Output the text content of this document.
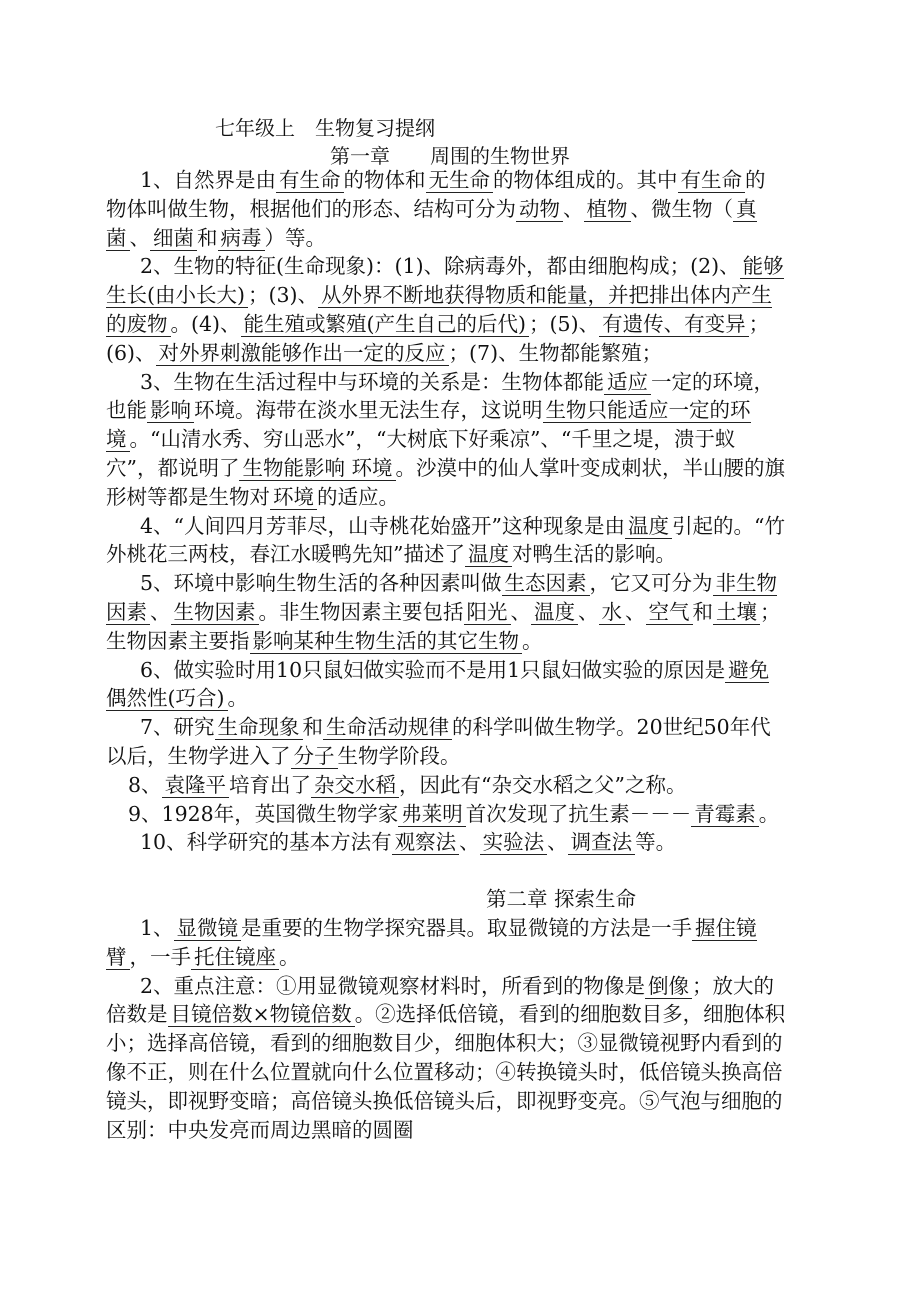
七年级上　生物复习提纲
第一章　　周围的生物世界

1、自然界是由 有生命 的物体和 无生命 的物体组成的。其中 有生命 的物体叫做生物，根据他们的形态、结构可分为 动物 、 植物 、微生物（ 真菌 、 细菌 和 病毒 ）等。

2、生物的特征(生命现象)：(1)、除病毒外，都由细胞构成；(2)、 能够生长(由小长大) ；(3)、 从外界不断地获得物质和能量，并把排出体内产生的废物 。(4)、 能生殖或繁殖(产生自己的后代) ；(5)、 有遗传、有变异 ；(6)、 对外界刺激能够作出一定的反应 ；(7)、生物都能繁殖；

3、生物在生活过程中与环境的关系是：生物体都能 适应 一定的环境，也能 影响 环境。海带在淡水里无法生存，这说明 生物只能适应一定的环境 。“山清水秀、穷山恶水”，“大树底下好乘凉”、“千里之堤，溃于蚁穴”，都说明了 生物能影响 环境 。沙漠中的仙人掌叶变成刺状，半山腰的旗形树等都是生物对 环境 的适应。

4、“人间四月芳菲尽，山寺桃花始盛开”这种现象是由 温度 引起的。“竹外桃花三两枝，春江水暖鸭先知”描述了 温度 对鸭生活的影响。

5、环境中影响生物生活的各种因素叫做 生态因素 ，它又可分为 非生物因素 、 生物因素 。非生物因素主要包括 阳光 、 温度 、 水 、 空气 和 土壤 ；生物因素主要指 影响某种生物生活的其它生物 。

6、做实验时用10只鼠妇做实验而不是用1只鼠妇做实验的原因是 避免偶然性(巧合) 。

7、研究 生命现象 和 生命活动规律 的科学叫做生物学。20世纪50年代以后，生物学进入了 分子 生物学阶段。

8、 袁隆平 培育出了 杂交水稻 ，因此有“杂交水稻之父”之称。

9、1928年，英国微生物学家 弗莱明 首次发现了抗生素－－－ 青霉素 。

10、科学研究的基本方法有 观察法 、 实验法 、 调查法 等。

第二章 探索生命

1、 显微镜 是重要的生物学探究器具。取显微镜的方法是一手 握住镜臂 ，一手 托住镜座 。

2、重点注意：①用显微镜观察材料时，所看到的物像是 倒像 ；放大的倍数是 目镜倍数×物镜倍数 。②选择低倍镜，看到的细胞数目多，细胞体积小；选择高倍镜，看到的细胞数目少，细胞体积大；③显微镜视野内看到的像不正，则在什么位置就向什么位置移动；④转换镜头时，低倍镜头换高倍镜头，即视野变暗；高倍镜头换低倍镜头后，即视野变亮。⑤气泡与细胞的区别：中央发亮而周边黑暗的圆圈
